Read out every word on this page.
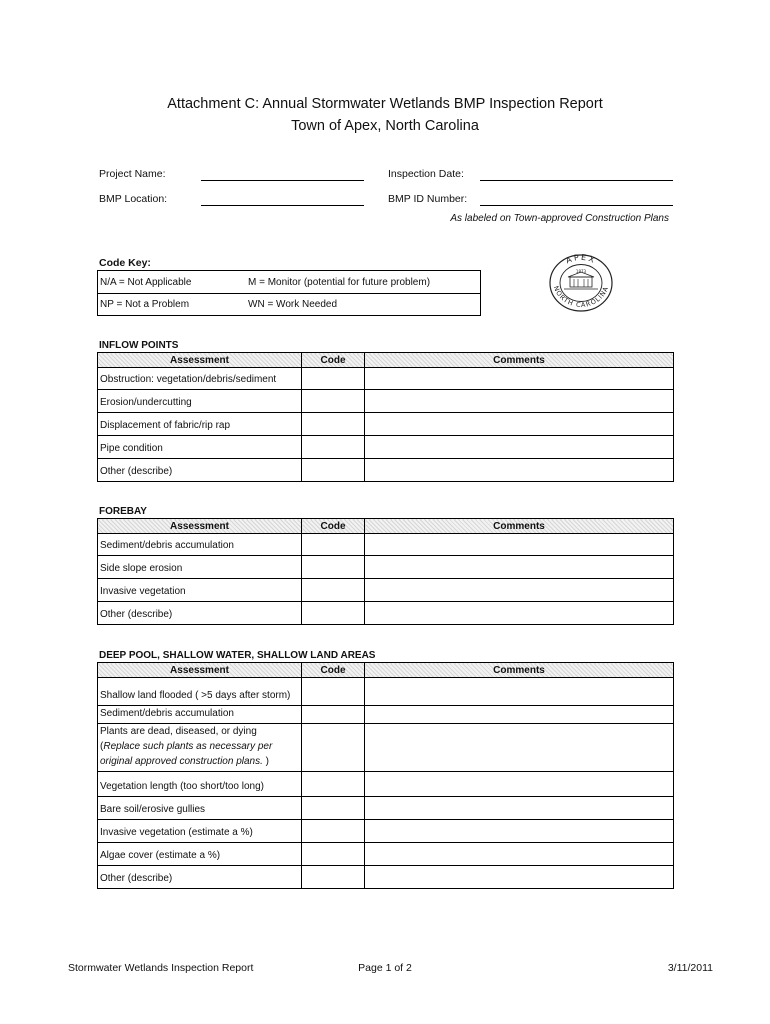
Attachment C: Annual Stormwater Wetlands BMP Inspection Report
Town of Apex, North Carolina
Project Name:	Inspection Date:
BMP Location:	BMP ID Number:
As labeled on Town-approved Construction Plans
Code Key:
N/A = Not Applicable	M = Monitor (potential for future problem)
NP = Not a Problem	WN = Work Needed
APEX
NORTH CAROLINA
1873
INFLOW POINTS
Assessment	Code	Comments
Obstruction: vegetation/debris/sediment		
Erosion/undercutting		
Displacement of fabric/rip rap		
Pipe condition		
Other (describe)		
FOREBAY
Assessment	Code	Comments
Sediment/debris accumulation		
Side slope erosion		
Invasive vegetation		
Other (describe)		
DEEP POOL, SHALLOW WATER, SHALLOW LAND AREAS
Assessment	Code	Comments
Shallow land flooded ( >5 days after storm)		
Sediment/debris accumulation		

Plants are dead, diseased, or dying
(Replace such plants as necessary per original approved construction plans. )		

Vegetation length (too short/too long)		
Bare soil/erosive gullies		
Invasive vegetation (estimate a %)		
Algae cover (estimate a %)		
Other (describe)		
Stormwater Wetlands Inspection Report	Page 1 of 2	3/11/2011
